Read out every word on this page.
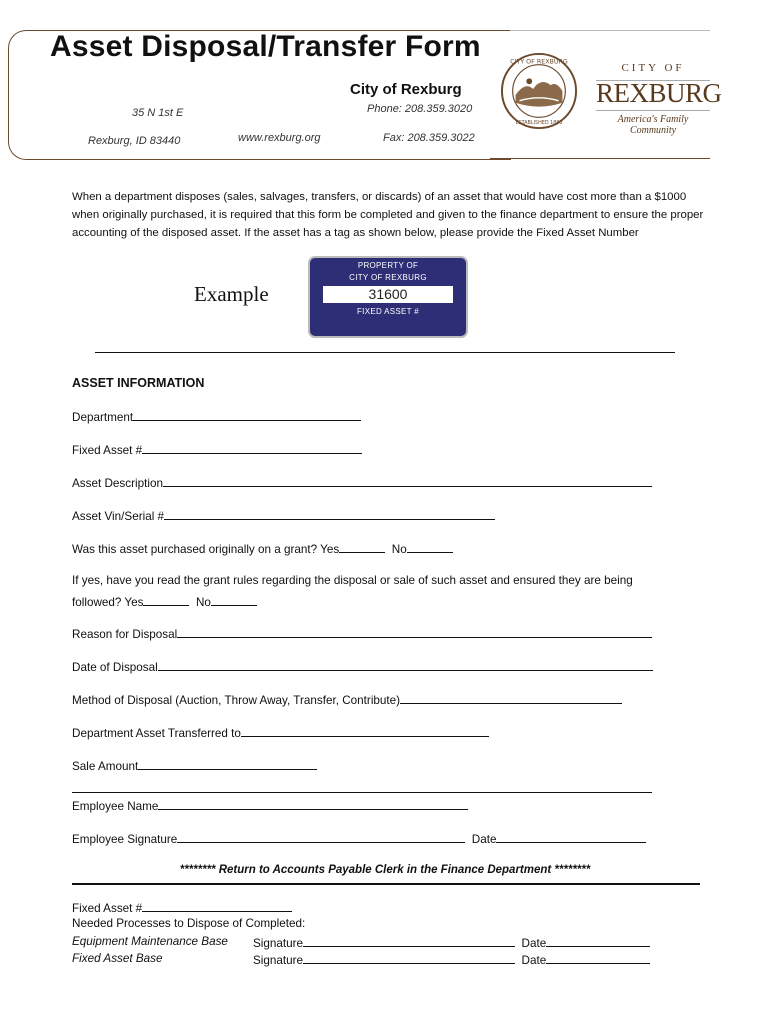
Asset Disposal/Transfer Form
City of Rexburg
35 N 1st E	Phone: 208.359.3020
Rexburg, ID 83440	www.rexburg.org	Fax: 208.359.3022
CITY OF REXBURG
ESTABLISHED 1883
CITY OF
REXBURG
America's Family Community
When a department disposes (sales, salvages, transfers, or discards) of an asset that would have cost more than a $1000 when originally purchased, it is required that this form be completed and given to the finance department to ensure the proper accounting of the disposed asset. If the asset has a tag as shown below, please provide the Fixed Asset Number
Example
PROPERTY OF
CITY OF REXBURG
31600
FIXED ASSET #
ASSET INFORMATION
Department
Fixed Asset #
Asset Description
Asset Vin/Serial #
Was this asset purchased originally on a grant? Yes	No
If yes, have you read the grant rules regarding the disposal or sale of such asset and ensured they are being
followed? Yes	No
Reason for Disposal
Date of Disposal
Method of Disposal (Auction, Throw Away, Transfer, Contribute)
Department Asset Transferred to
Sale Amount
Employee Name
Employee Signature	Date
******** Return to Accounts Payable Clerk in the Finance Department ********
Fixed Asset #
Needed Processes to Dispose of Completed:
Equipment Maintenance Base Signature	Date
Fixed Asset Base	Signature	Date
